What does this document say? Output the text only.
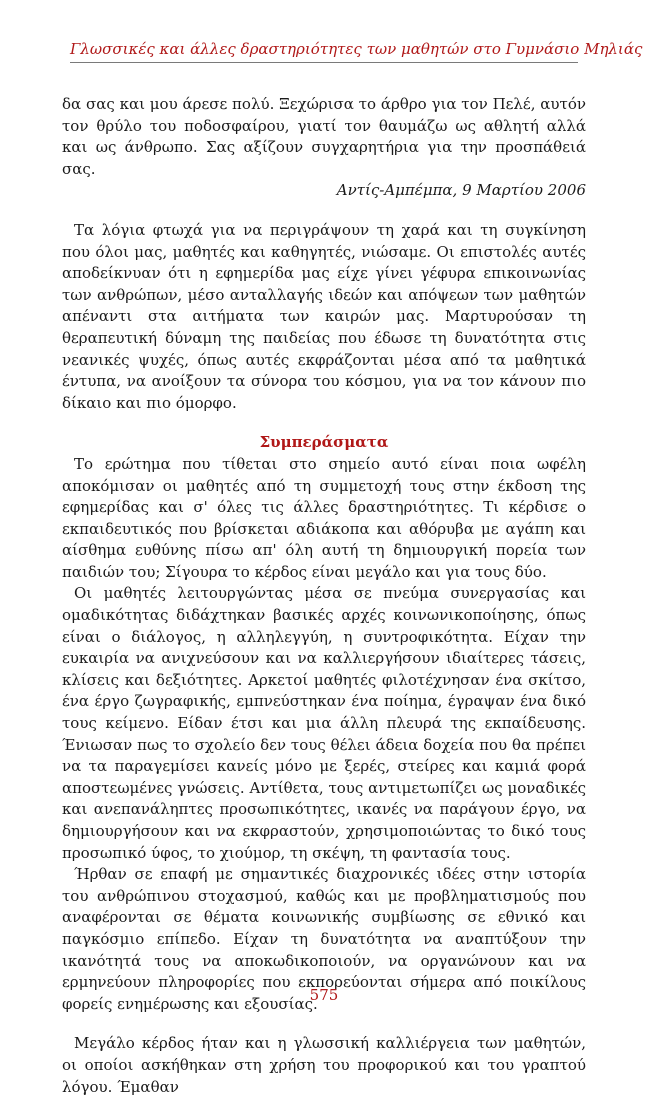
Γλωσσικές και άλλες δραστηριότητες των μαθητών στο Γυμνάσιο Μηλιάς

δα σας και μου άρεσε πολύ. Ξεχώρισα το άρθρο για τον Πελέ, αυτόν τον θρύλο του ποδοσφαίρου, γιατί τον θαυμάζω ως αθλητή αλλά και ως άνθρωπο. Σας αξίζουν συγχαρητήρια για την προσπάθειά σας.

Αντίς-Αμπέμπα, 9 Μαρτίου 2006

Τα λόγια φτωχά για να περιγράψουν τη χαρά και τη συγκίνηση που όλοι μας, μαθητές και καθηγητές, νιώσαμε. Οι επιστολές αυτές αποδείκνυαν ότι η εφημερίδα μας είχε γίνει γέφυρα επικοινωνίας των ανθρώπων, μέσο ανταλλαγής ιδεών και απόψεων των μαθητών απέναντι στα αιτήματα των καιρών μας. Μαρτυρούσαν τη θεραπευτική δύναμη της παιδείας που έδωσε τη δυνατότητα στις νεανικές ψυχές, όπως αυτές εκφράζονται μέσα από τα μαθητικά έντυπα, να ανοίξουν τα σύνορα του κόσμου, για να τον κάνουν πιο δίκαιο και πιο όμορφο.

Συμπεράσματα

Το ερώτημα που τίθεται στο σημείο αυτό είναι ποια ωφέλη αποκόμισαν οι μαθητές από τη συμμετοχή τους στην έκδοση της εφημερίδας και σ' όλες τις άλλες δραστηριότητες. Τι κέρδισε ο εκπαιδευτικός που βρίσκεται αδιάκοπα και αθόρυβα με αγάπη και αίσθημα ευθύνης πίσω απ' όλη αυτή τη δημιουργική πορεία των παιδιών του; Σίγουρα το κέρδος είναι μεγάλο και για τους δύο.

Οι μαθητές λειτουργώντας μέσα σε πνεύμα συνεργασίας και ομαδικότητας διδάχτηκαν βασικές αρχές κοινωνικοποίησης, όπως είναι ο διάλογος, η αλληλεγγύη, η συντροφικότητα. Είχαν την ευκαιρία να ανιχνεύσουν και να καλλιεργήσουν ιδιαίτερες τάσεις, κλίσεις και δεξιότητες. Αρκετοί μαθητές φιλοτέχνησαν ένα σκίτσο, ένα έργο ζωγραφικής, εμπνεύστηκαν ένα ποίημα, έγραψαν ένα δικό τους κείμενο. Είδαν έτσι και μια άλλη πλευρά της εκπαίδευσης. Ένιωσαν πως το σχολείο δεν τους θέλει άδεια δοχεία που θα πρέπει να τα παραγεμίσει κανείς μόνο με ξερές, στείρες και καμιά φορά αποστεωμένες γνώσεις. Αντίθετα, τους αντιμετωπίζει ως μοναδικές και ανεπανάληπτες προσωπικότητες, ικανές να παράγουν έργο, να δημιουργήσουν και να εκφραστούν, χρησιμοποιώντας το δικό τους προσωπικό ύφος, το χιούμορ, τη σκέψη, τη φαντασία τους.

Ήρθαν σε επαφή με σημαντικές διαχρονικές ιδέες στην ιστορία του ανθρώπινου στοχασμού, καθώς και με προβληματισμούς που αναφέρονται σε θέματα κοινωνικής συμβίωσης σε εθνικό και παγκόσμιο επίπεδο. Είχαν τη δυνατότητα να αναπτύξουν την ικανότητά τους να αποκωδικοποιούν, να οργανώνουν και να ερμηνεύουν πληροφορίες που εκπορεύονται σήμερα από ποικίλους φορείς ενημέρωσης και εξουσίας.

Μεγάλο κέρδος ήταν και η γλωσσική καλλιέργεια των μαθητών, οι οποίοι ασκήθηκαν στη χρήση του προφορικού και του γραπτού λόγου. Έμαθαν

575
